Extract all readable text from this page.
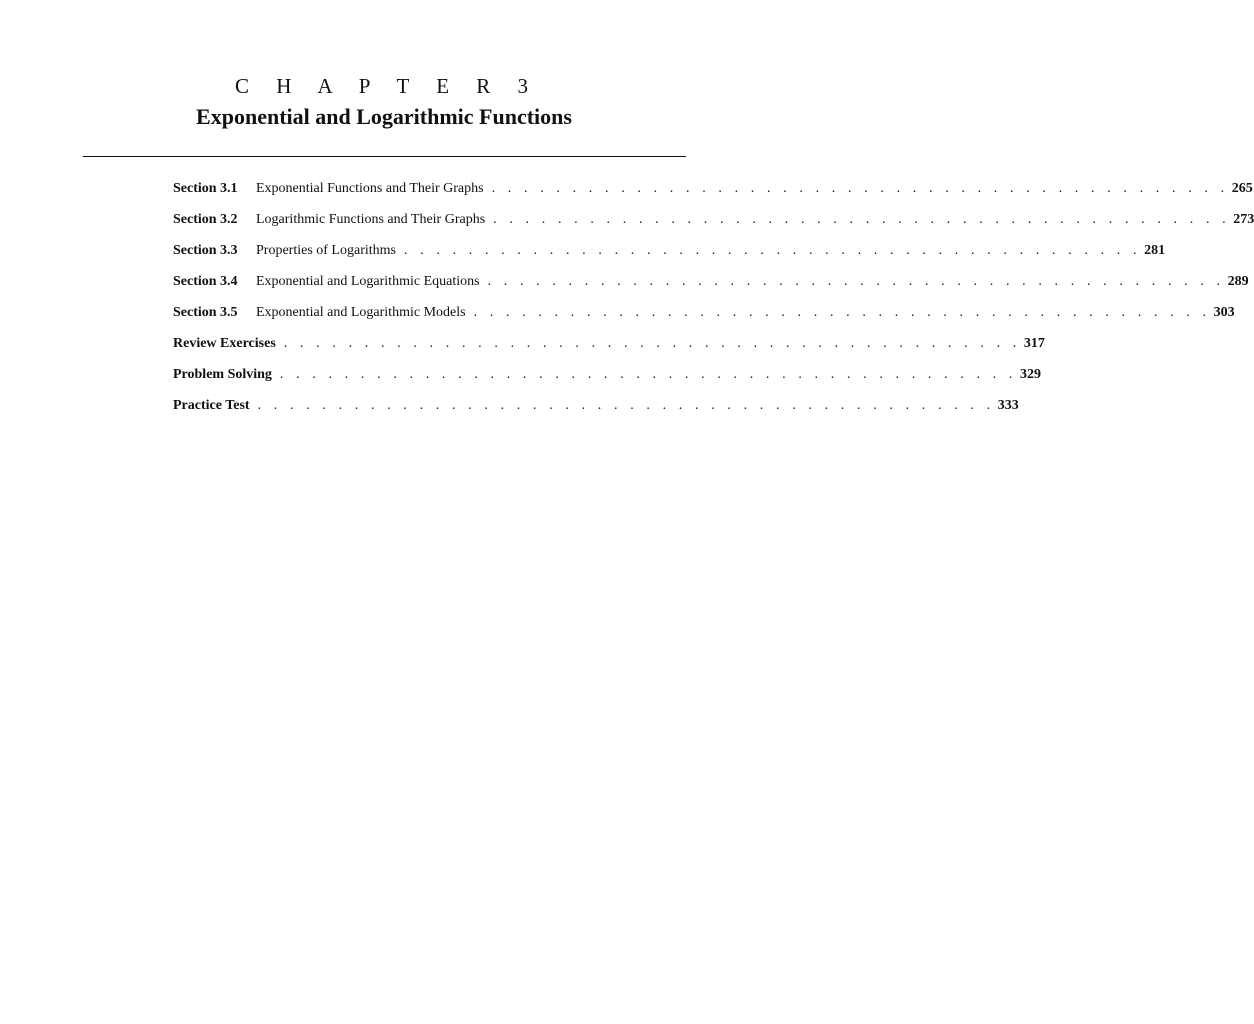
C H A P T E R 3
Exponential and Logarithmic Functions
Section 3.1	Exponential Functions and Their Graphs . . . . . . . . . . . . . . . . . . . . . . . . . . . . . . . . . . . . . . . . . . . . . . 265
Section 3.2	Logarithmic Functions and Their Graphs . . . . . . . . . . . . . . . . . . . . . . . . . . . . . . . . . . . . . . . . . . . . . . 273
Section 3.3	Properties of Logarithms . . . . . . . . . . . . . . . . . . . . . . . . . . . . . . . . . . . . . . . . . . . . . . 281
Section 3.4	Exponential and Logarithmic Equations . . . . . . . . . . . . . . . . . . . . . . . . . . . . . . . . . . . . . . . . . . . . . . 289
Section 3.5	Exponential and Logarithmic Models . . . . . . . . . . . . . . . . . . . . . . . . . . . . . . . . . . . . . . . . . . . . . . 303
Review Exercises . . . . . . . . . . . . . . . . . . . . . . . . . . . . . . . . . . . . . . . . . . . . . . 317
Problem Solving . . . . . . . . . . . . . . . . . . . . . . . . . . . . . . . . . . . . . . . . . . . . . . 329
Practice Test . . . . . . . . . . . . . . . . . . . . . . . . . . . . . . . . . . . . . . . . . . . . . . 333
